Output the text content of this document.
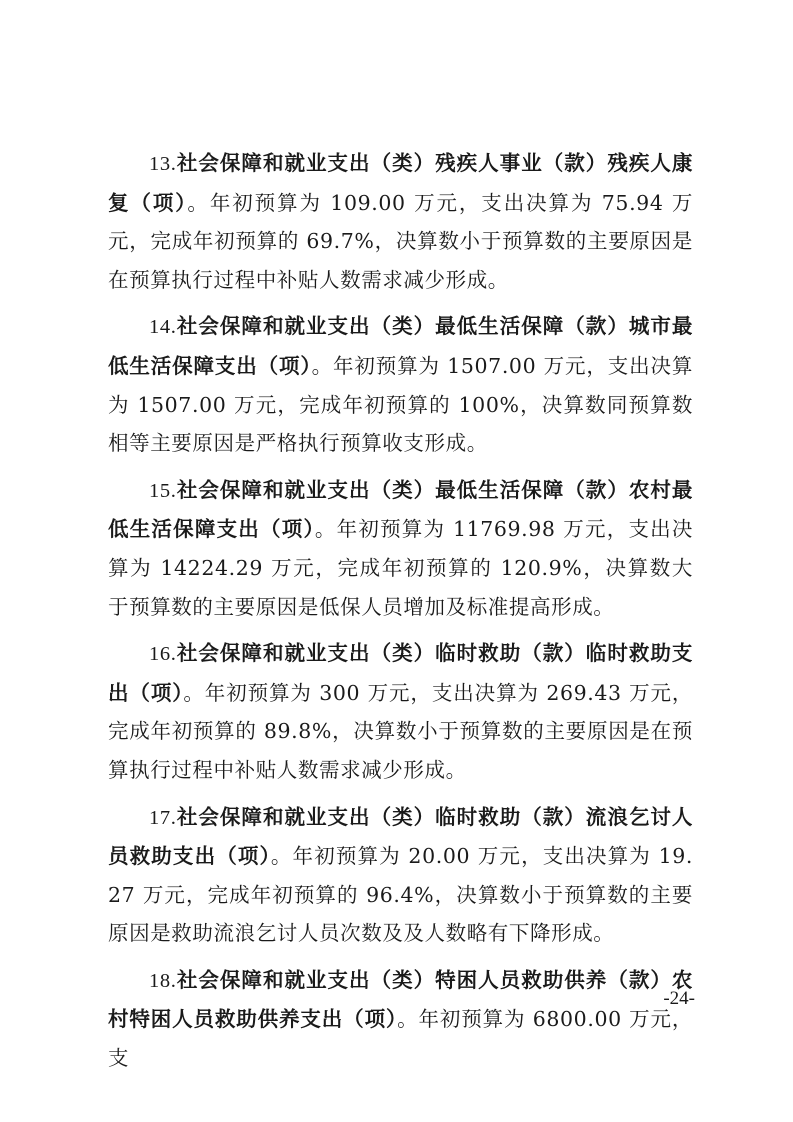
13.社会保障和就业支出（类）残疾人事业（款）残疾人康复（项）。年初预算为 109.00 万元，支出决算为 75.94 万元，完成年初预算的 69.7%，决算数小于预算数的主要原因是在预算执行过程中补贴人数需求减少形成。

14.社会保障和就业支出（类）最低生活保障（款）城市最低生活保障支出（项）。年初预算为 1507.00 万元，支出决算为 1507.00 万元，完成年初预算的 100%，决算数同预算数相等主要原因是严格执行预算收支形成。

15.社会保障和就业支出（类）最低生活保障（款）农村最低生活保障支出（项）。年初预算为 11769.98 万元，支出决算为 14224.29 万元，完成年初预算的 120.9%，决算数大于预算数的主要原因是低保人员增加及标准提高形成。

16.社会保障和就业支出（类）临时救助（款）临时救助支出（项）。年初预算为 300 万元，支出决算为 269.43 万元，完成年初预算的 89.8%，决算数小于预算数的主要原因是在预算执行过程中补贴人数需求减少形成。

17.社会保障和就业支出（类）临时救助（款）流浪乞讨人员救助支出（项）。年初预算为 20.00 万元，支出决算为 19.27 万元，完成年初预算的 96.4%，决算数小于预算数的主要原因是救助流浪乞讨人员次数及及人数略有下降形成。

18.社会保障和就业支出（类）特困人员救助供养（款）农村特困人员救助供养支出（项）。年初预算为 6800.00 万元，支

-24-
